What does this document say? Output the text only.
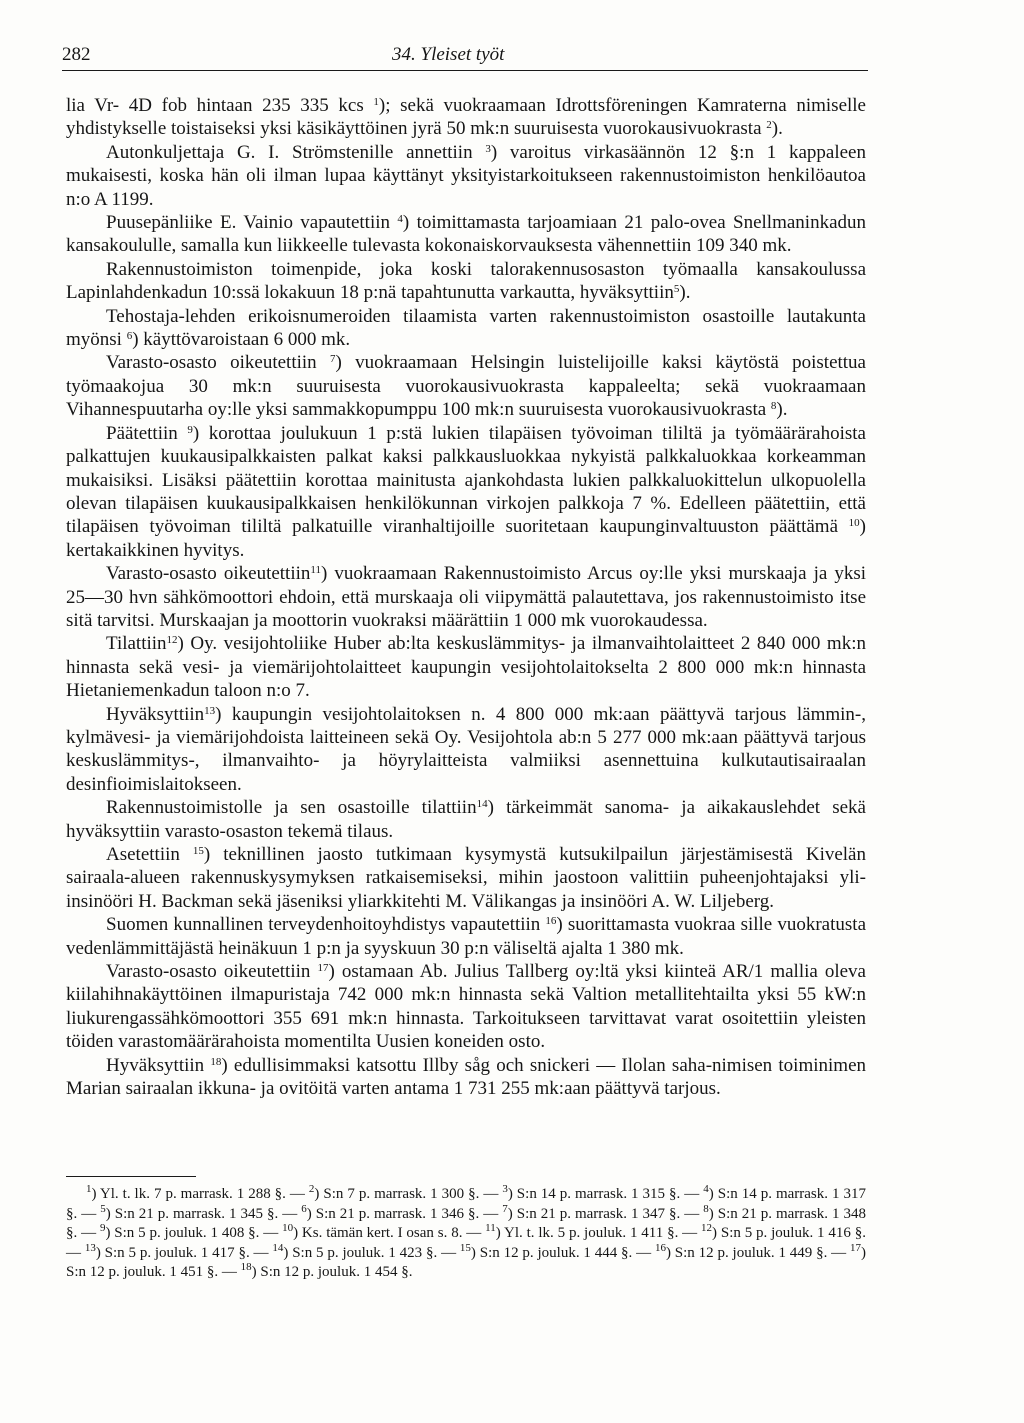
282	34. Yleiset työt

lia Vr- 4D fob hintaan 235 335 kcs $^1$); sekä vuokraamaan Idrottsföreningen Kamraterna nimiselle yhdistykselle toistaiseksi yksi käsikäyttöinen jyrä 50 mk:n suuruisesta vuorokausivuokrasta $^2$).

Autonkuljettaja G. I. Strömstenille annettiin $^3$) varoitus virkasäännön 12 §:n 1 kappaleen mukaisesti, koska hän oli ilman lupaa käyttänyt yksityistarkoitukseen rakennustoimiston henkilöautoa n:o A 1199.

Puusepänliike E. Vainio vapautettiin $^4$) toimittamasta tarjoamiaan 21 palo-ovea Snellmaninkadun kansakoululle, samalla kun liikkeelle tulevasta kokonaiskorvauksesta vähennettiin 109 340 mk.

Rakennustoimiston toimenpide, joka koski talorakennusosaston työmaalla kansakoulussa Lapinlahdenkadun 10:ssä lokakuun 18 p:nä tapahtunutta varkautta, hyväksyttiin$^5$).

Tehostaja-lehden erikoisnumeroiden tilaamista varten rakennustoimiston osastoille lautakunta myönsi $^6$) käyttövaroistaan 6 000 mk.

Varasto-osasto oikeutettiin $^7$) vuokraamaan Helsingin luistelijoille kaksi käytöstä poistettua työmaakojua 30 mk:n suuruisesta vuorokausivuokrasta kappaleelta; sekä vuokraamaan Vihannespuutarha oy:lle yksi sammakkopumppu 100 mk:n suuruisesta vuorokausivuokrasta $^8$).

Päätettiin $^9$) korottaa joulukuun 1 p:stä lukien tilapäisen työvoiman tililtä ja työmäärärahoista palkattujen kuukausipalkkaisten palkat kaksi palkkausluokkaa nykyistä palkkaluokkaa korkeamman mukaisiksi. Lisäksi päätettiin korottaa mainitusta ajankohdasta lukien palkkaluokittelun ulkopuolella olevan tilapäisen kuukausipalkkaisen henkilökunnan virkojen palkkoja 7 %. Edelleen päätettiin, että tilapäisen työvoiman tililtä palkatuille viranhaltijoille suoritetaan kaupunginvaltuuston päättämä $^{10}$) kertakaikkinen hyvitys.

Varasto-osasto oikeutettiin$^{11}$) vuokraamaan Rakennustoimisto Arcus oy:lle yksi murskaaja ja yksi 25—30 hvn sähkömoottori ehdoin, että murskaaja oli viipymättä palautettava, jos rakennustoimisto itse sitä tarvitsi. Murskaajan ja moottorin vuokraksi määrättiin 1 000 mk vuorokaudessa.

Tilattiin$^{12}$) Oy. vesijohtoliike Huber ab:lta keskuslämmitys- ja ilmanvaihtolaitteet 2 840 000 mk:n hinnasta sekä vesi- ja viemärijohtolaitteet kaupungin vesijohtolaitokselta 2 800 000 mk:n hinnasta Hietaniemenkadun taloon n:o 7.

Hyväksyttiin$^{13}$) kaupungin vesijohtolaitoksen n. 4 800 000 mk:aan päättyvä tarjous lämmin-, kylmävesi- ja viemärijohdoista laitteineen sekä Oy. Vesijohtola ab:n 5 277 000 mk:aan päättyvä tarjous keskuslämmitys-, ilmanvaihto- ja höyrylaitteista valmiiksi asennettuina kulkutautisairaalan desinfioimislaitokseen.

Rakennustoimistolle ja sen osastoille tilattiin$^{14}$) tärkeimmät sanoma- ja aikakauslehdet sekä hyväksyttiin varasto-osaston tekemä tilaus.

Asetettiin $^{15}$) teknillinen jaosto tutkimaan kysymystä kutsukilpailun järjestämisestä Kivelän sairaala-alueen rakennuskysymyksen ratkaisemiseksi, mihin jaostoon valittiin puheenjohtajaksi yli-insinööri H. Backman sekä jäseniksi yliarkkitehti M. Välikangas ja insinööri A. W. Liljeberg.

Suomen kunnallinen terveydenhoitoyhdistys vapautettiin $^{16}$) suorittamasta vuokraa sille vuokratusta vedenlämmittäjästä heinäkuun 1 p:n ja syyskuun 30 p:n väliseltä ajalta 1 380 mk.

Varasto-osasto oikeutettiin $^{17}$) ostamaan Ab. Julius Tallberg oy:ltä yksi kiinteä AR/1 mallia oleva kiilahihnakäyttöinen ilmapuristaja 742 000 mk:n hinnasta sekä Valtion metallitehtailta yksi 55 kW:n liukurengassähkömoottori 355 691 mk:n hinnasta. Tarkoitukseen tarvittavat varat osoitettiin yleisten töiden varastomäärärahoista momentilta Uusien koneiden osto.

Hyväksyttiin $^{18}$) edullisimmaksi katsottu Illby såg och snickeri — Ilolan saha-nimisen toiminimen Marian sairaalan ikkuna- ja ovitöitä varten antama 1 731 255 mk:aan päättyvä tarjous.

$^1$) Yl. t. lk. 7 p. marrask. 1 288 §. — $^2$) S:n 7 p. marrask. 1 300 §. — $^3$) S:n 14 p. marrask. 1 315 §. — $^4$) S:n 14 p. marrask. 1 317 §. — $^5$) S:n 21 p. marrask. 1 345 §. — $^6$) S:n 21 p. marrask. 1 346 §. — $^7$) S:n 21 p. marrask. 1 347 §. — $^8$) S:n 21 p. marrask. 1 348 §. — $^9$) S:n 5 p. jouluk. 1 408 §. — $^{10}$) Ks. tämän kert. I osan s. 8. — $^{11}$) Yl. t. lk. 5 p. jouluk. 1 411 §. — $^{12}$) S:n 5 p. jouluk. 1 416 §. — $^{13}$) S:n 5 p. jouluk. 1 417 §. — $^{14}$) S:n 5 p. jouluk. 1 423 §. — $^{15}$) S:n 12 p. jouluk. 1 444 §. — $^{16}$) S:n 12 p. jouluk. 1 449 §. — $^{17}$) S:n 12 p. jouluk. 1 451 §. — $^{18}$) S:n 12 p. jouluk. 1 454 §.
